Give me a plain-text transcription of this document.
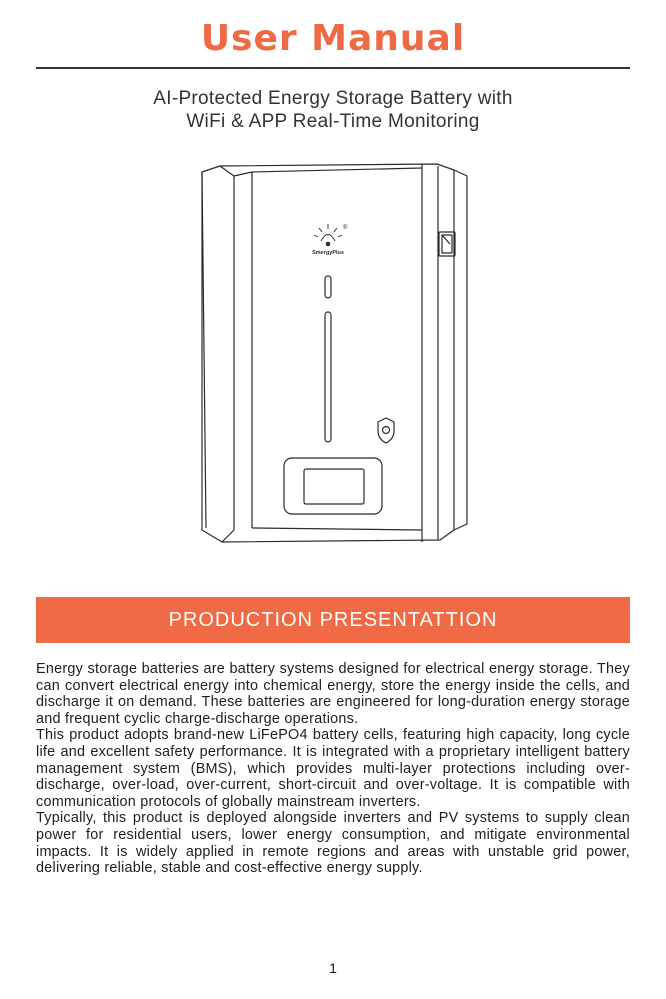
User Manual
AI-Protected Energy Storage Battery with
WiFi & APP Real-Time Monitoring
®
SmergyPlus
PRODUCTION PRESENTATTION

Energy storage batteries are battery systems designed for electrical energy storage. They can convert electrical energy into chemical energy, store the energy inside the cells, and discharge it on demand. These batteries are engineered for long-duration energy storage and frequent cyclic charge-discharge operations.

This product adopts brand-new LiFePO4 battery cells, featuring high capacity, long cycle life and excellent safety performance. It is integrated with a proprietary intelligent battery management system (BMS), which provides multi-layer protections including over-discharge, over-load, over-current, short-circuit and over-voltage. It is compatible with communication protocols of globally mainstream inverters.

Typically, this product is deployed alongside inverters and PV systems to supply clean power for residential users, lower energy consumption, and mitigate environmental impacts. It is widely applied in remote regions and areas with unstable grid power, delivering reliable, stable and cost-effective energy supply.

1
